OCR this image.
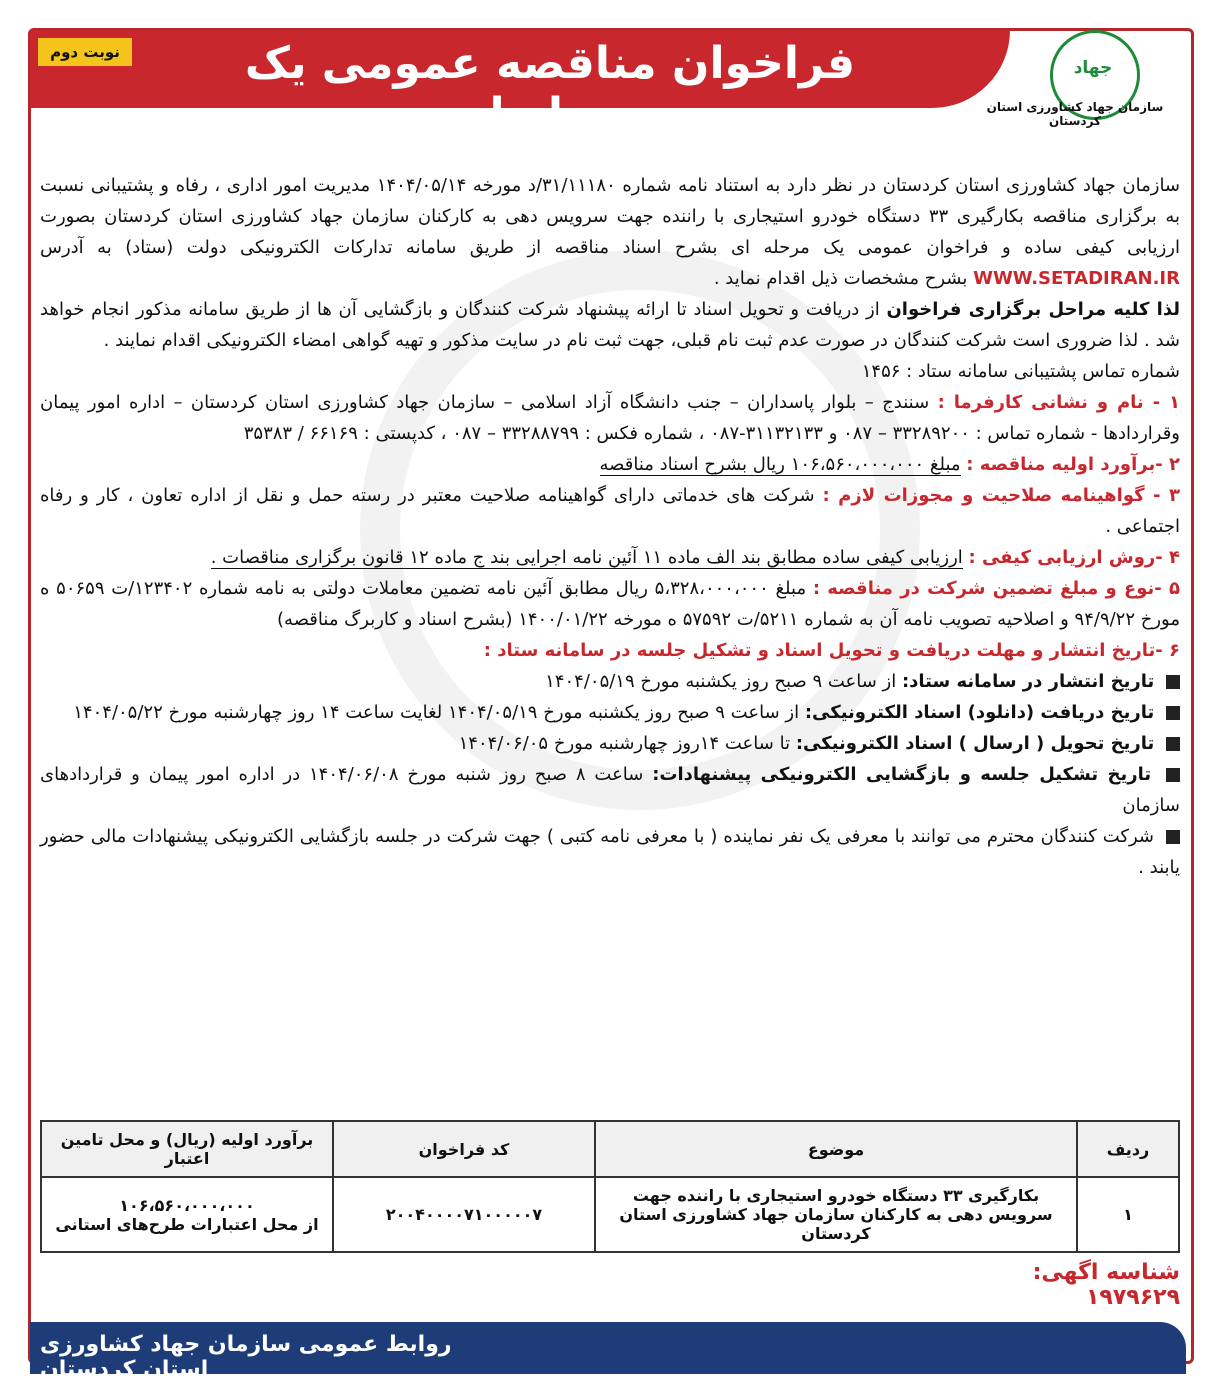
فراخوان مناقصه عمومی یک مرحله ای
نوبت دوم
جهاد
سازمان جهاد کشاورزی استان کردستان

سازمان جهاد کشاورزی استان کردستان در نظر دارد به استناد نامه شماره ۳۱/۱۱۱۸۰/د مورخه ۱۴۰۴/۰۵/۱۴ مدیریت امور اداری ، رفاه و پشتیبانی نسبت به برگزاری مناقصه بکارگیری ۳۳ دستگاه خودرو استیجاری با راننده جهت سرویس دهی به کارکنان سازمان جهاد کشاورزی استان کردستان بصورت ارزیابی کیفی ساده و فراخوان عمومی یک مرحله ای بشرح اسناد مناقصه از طریق سامانه تدارکات الکترونیکی دولت (ستاد) به آدرس WWW.SETADIRAN.IR بشرح مشخصات ذیل اقدام نماید .

لذا کلیه مراحل برگزاری فراخوان از دریافت و تحویل اسناد تا ارائه پیشنهاد شرکت کنندگان و بازگشایی آن ها از طریق سامانه مذکور انجام خواهد شد . لذا ضروری است شرکت کنندگان در صورت عدم ثبت نام قبلی، جهت ثبت نام در سایت مذکور و تهیه گواهی امضاء الکترونیکی اقدام نمایند .

شماره تماس پشتیبانی سامانه ستاد : ۱۴۵۶

۱ - نام و نشانی کارفرما : سنندج – بلوار پاسداران – جنب دانشگاه آزاد اسلامی – سازمان جهاد کشاورزی استان کردستان – اداره امور پیمان وقراردادها - شماره تماس : ۳۳۲۸۹۲۰۰ – ۰۸۷ و ۳۱۱۳۲۱۳۳-۰۸۷ ، شماره فکس : ۳۳۲۸۸۷۹۹ – ۰۸۷ ، کدپستی : ۶۶۱۶۹ / ۳۵۳۸۳

۲ -برآورد اولیه مناقصه : مبلغ ۱۰۶،۵۶۰،۰۰۰،۰۰۰ ریال بشرح اسناد مناقصه

۳ - گواهینامه صلاحیت و مجوزات لازم : شرکت های خدماتی دارای گواهینامه صلاحیت معتبر در رسته حمل و نقل از اداره تعاون ، کار و رفاه اجتماعی .

۴ -روش ارزیابی کیفی : ارزیابی کیفی ساده مطابق بند الف ماده ۱۱ آئین نامه اجرایی بند ج ماده ۱۲ قانون برگزاری مناقصات .

۵ -نوع و مبلغ تضمین شرکت در مناقصه : مبلغ ۵،۳۲۸،۰۰۰،۰۰۰ ریال مطابق آئین نامه تضمین معاملات دولتی به نامه شماره ۱۲۳۴۰۲/ت ۵۰۶۵۹ ه مورخ ۹۴/۹/۲۲ و اصلاحیه تصویب نامه آن به شماره ۵۲۱۱/ت ۵۷۵۹۲ ه مورخه ۱۴۰۰/۰۱/۲۲ (بشرح اسناد و کاربرگ مناقصه)

۶ -تاریخ انتشار و مهلت دریافت و تحویل اسناد و تشکیل جلسه در سامانه ستاد :

تاریخ انتشار در سامانه ستاد: از ساعت ۹ صبح روز یکشنبه مورخ ۱۴۰۴/۰۵/۱۹

تاریخ دریافت (دانلود) اسناد الکترونیکی: از ساعت ۹ صبح روز یکشنبه مورخ ۱۴۰۴/۰۵/۱۹ لغایت ساعت ۱۴ روز چهارشنبه مورخ ۱۴۰۴/۰۵/۲۲

تاریخ تحویل ( ارسال ) اسناد الکترونیکی: تا ساعت ۱۴روز چهارشنبه مورخ ۱۴۰۴/۰۶/۰۵

تاریخ تشکیل جلسه و بازگشایی الکترونیکی پیشنهادات: ساعت ۸ صبح روز شنبه مورخ ۱۴۰۴/۰۶/۰۸ در اداره امور پیمان و قراردادهای سازمان

شرکت کنندگان محترم می توانند با معرفی یک نفر نماینده ( با معرفی نامه کتبی ) جهت شرکت در جلسه بازگشایی الکترونیکی پیشنهادات مالی حضور یابند .

ردیف	موضوع	کد فراخوان	برآورد اولیه (ریال) و محل تامین اعتبار
۱	بکارگیری ۳۳ دستگاه خودرو استیجاری با راننده جهت سرویس دهی به کارکنان سازمان جهاد کشاورزی استان کردستان	۲۰۰۴۰۰۰۰۷۱۰۰۰۰۰۷	۱۰۶،۵۶۰،۰۰۰،۰۰۰
از محل اعتبارات طرح‌های استانی
شناسه اگهی: ۱۹۷۹۶۲۹
روابط عمومی سازمان جهاد کشاورزی استان کردستان
